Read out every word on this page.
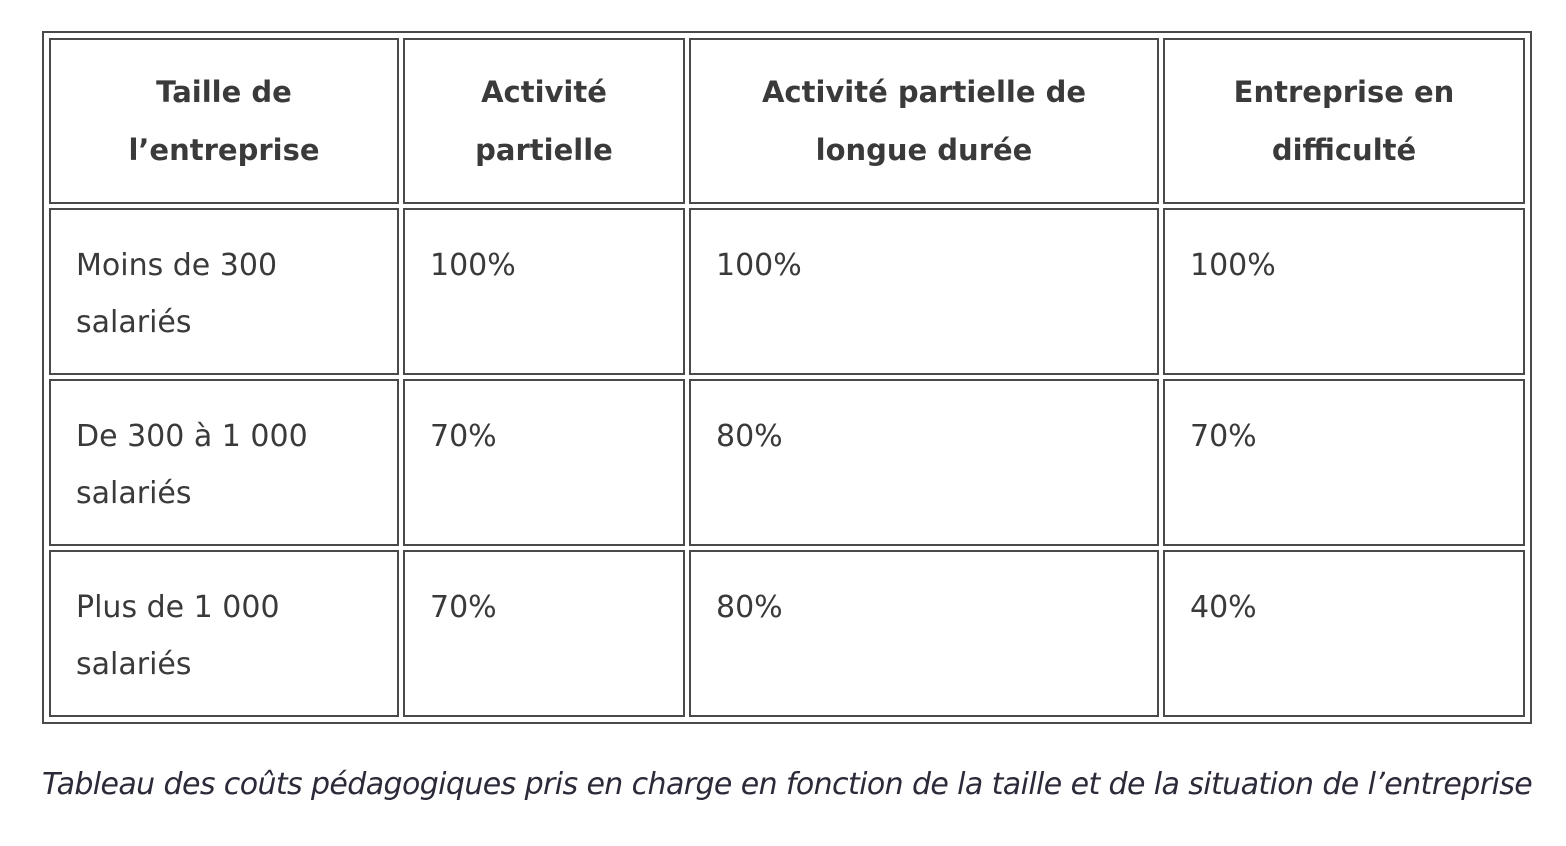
Taille de l’entreprise	Activité partielle	Activité partielle de longue durée	Entreprise en difficulté
Moins de 300 salariés	100%	100%	100%
De 300 à 1 000 salariés	70%	80%	70%
Plus de 1 000 salariés	70%	80%	40%
Tableau des coûts pédagogiques pris en charge en fonction de la taille et de la situation de l’entreprise
